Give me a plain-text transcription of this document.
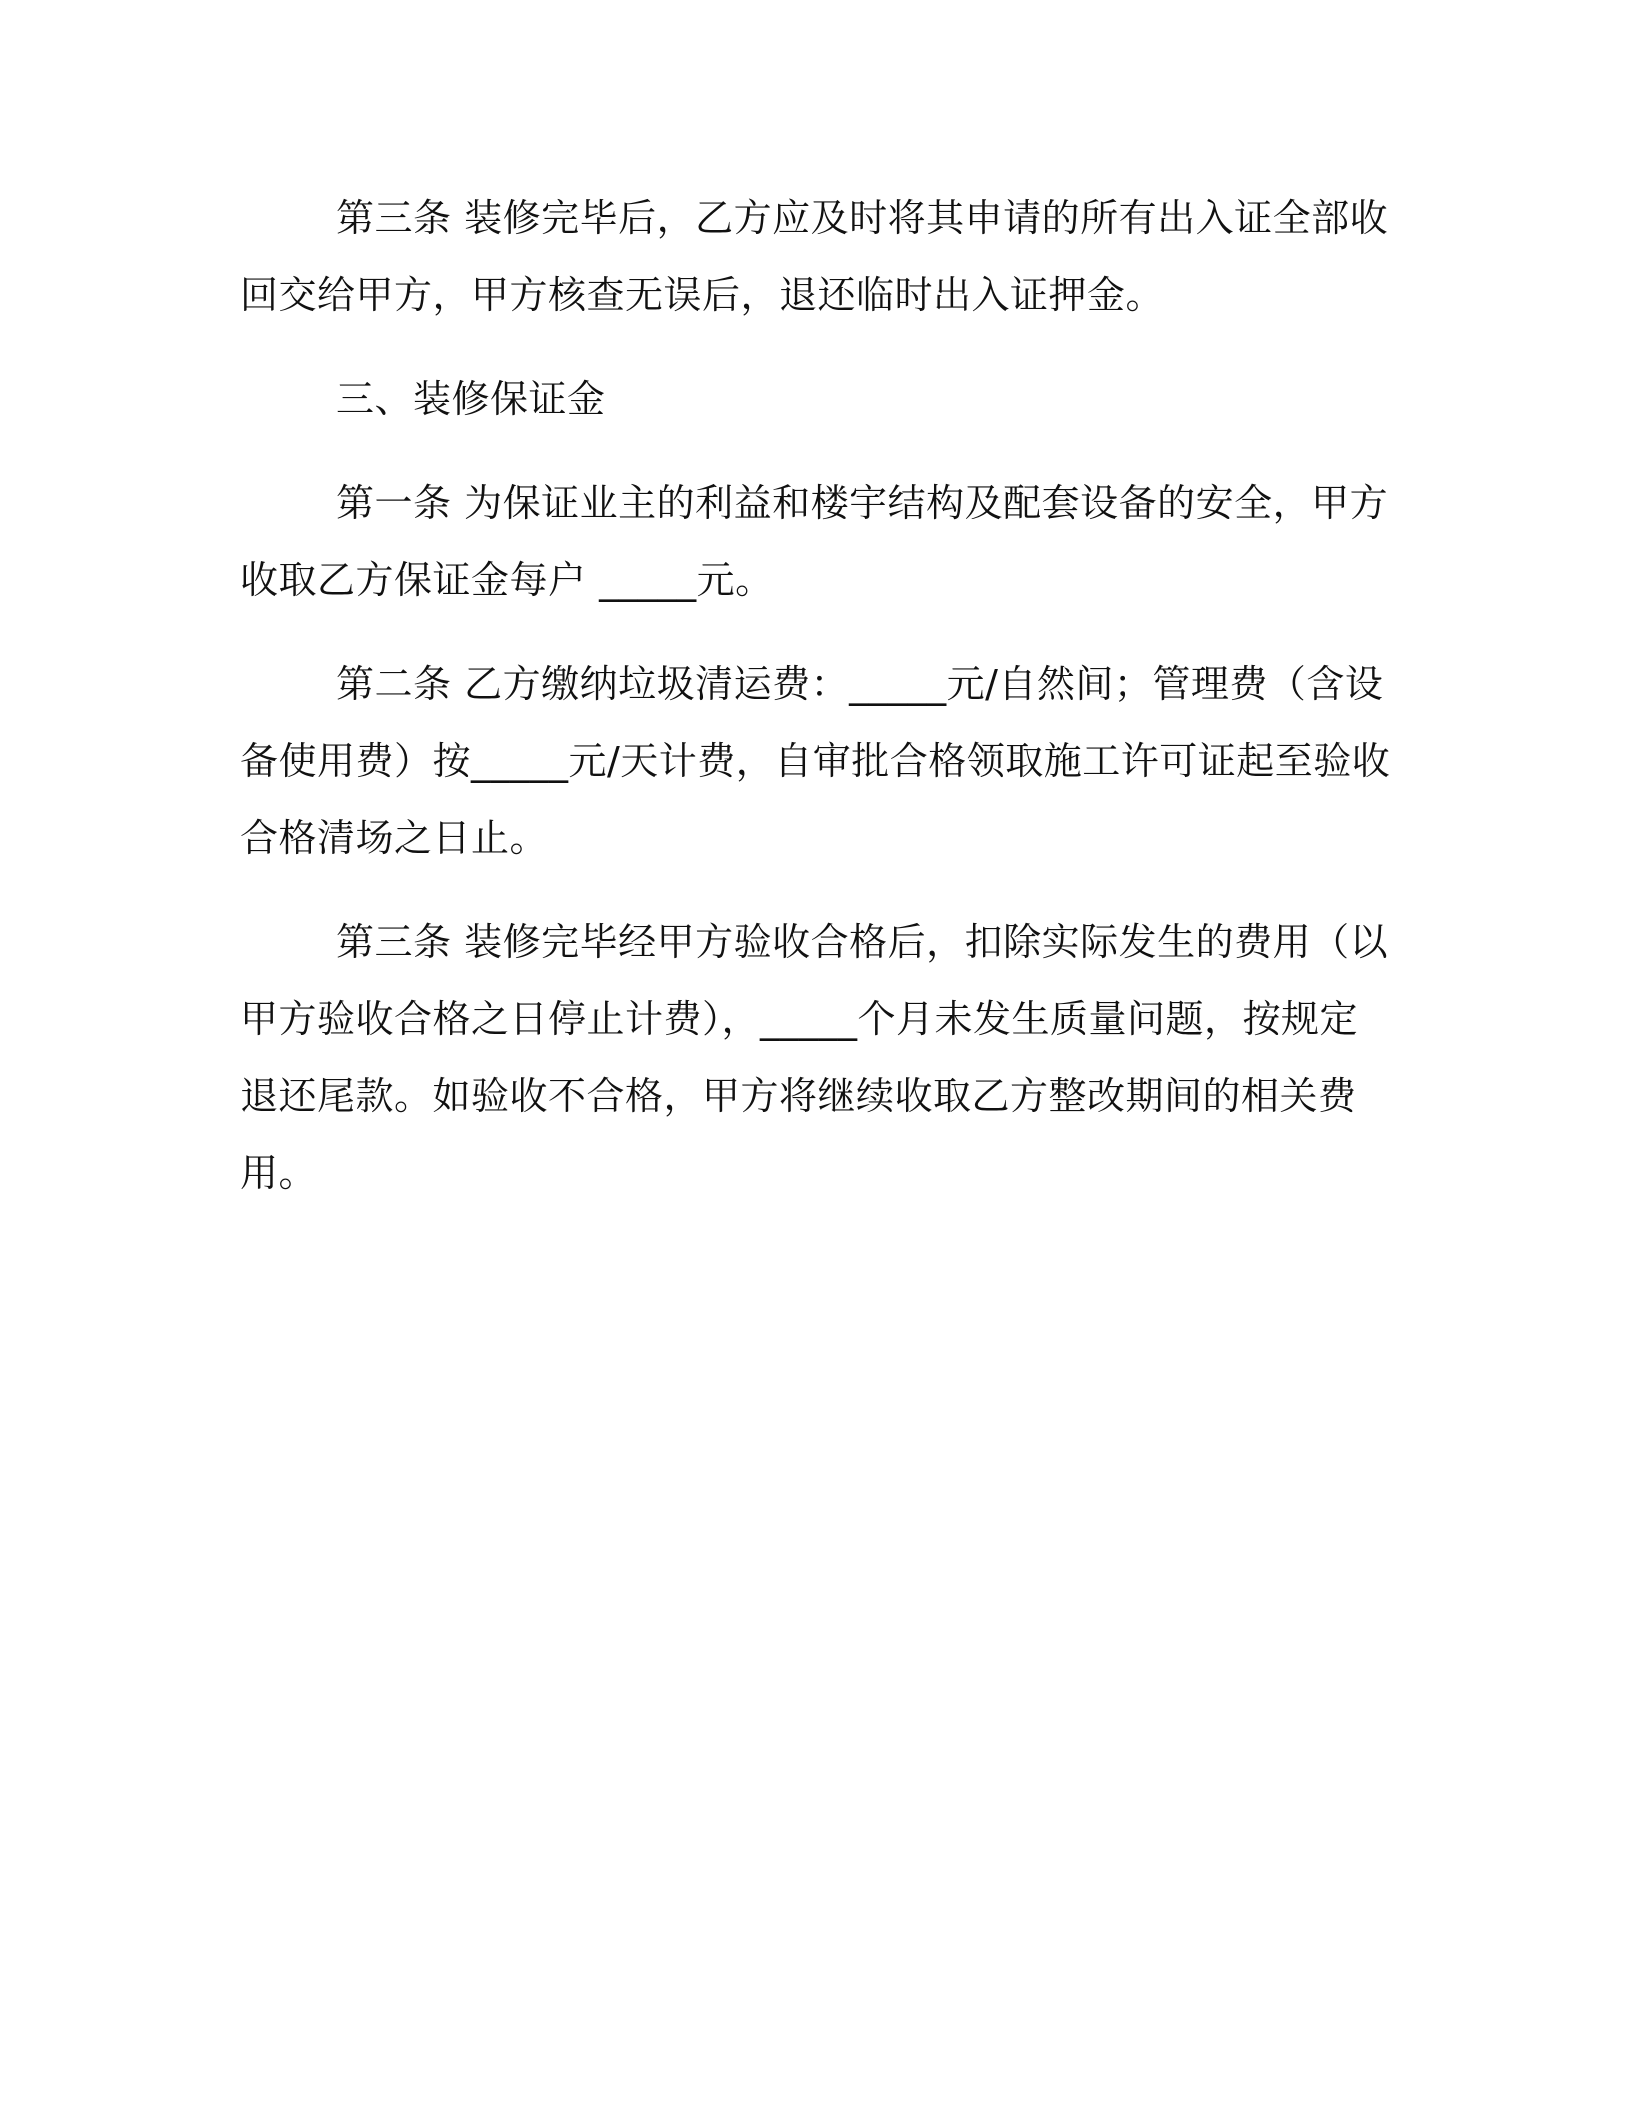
第三条 装修完毕后，乙方应及时将其申请的所有出入证全部收回交给甲方，甲方核查无误后，退还临时出入证押金。

三、装修保证金

第一条 为保证业主的利益和楼宇结构及配套设备的安全，甲方收取乙方保证金每户 _____元。

第二条 乙方缴纳垃圾清运费：_____元/自然间；管理费（含设备使用费）按_____元/天计费，自审批合格领取施工许可证起至验收合格清场之日止。

第三条 装修完毕经甲方验收合格后，扣除实际发生的费用（以甲方验收合格之日停止计费），_____个月未发生质量问题，按规定退还尾款。如验收不合格，甲方将继续收取乙方整改期间的相关费用。
